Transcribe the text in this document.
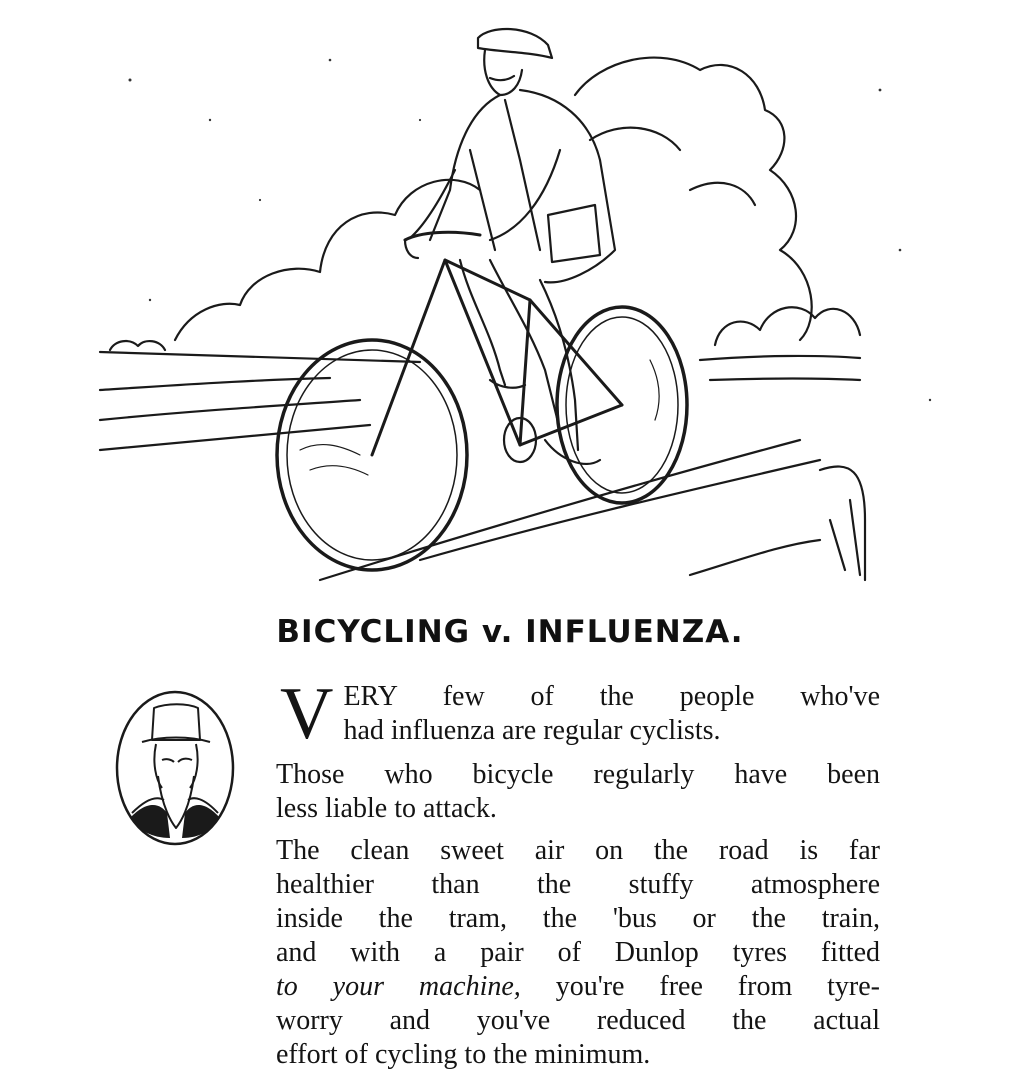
BICYCLING v. INFLUENZA.
V ERY few of the people who've
had influenza are regular cyclists.
Those who bicycle regularly have been
less liable to attack.
The clean sweet air on the road is far
healthier than the stuffy atmosphere
inside the tram, the 'bus or the train,
and with a pair of Dunlop tyres fitted
to your machine, you're free from tyre-
worry and you've reduced the actual
effort of cycling to the minimum.
